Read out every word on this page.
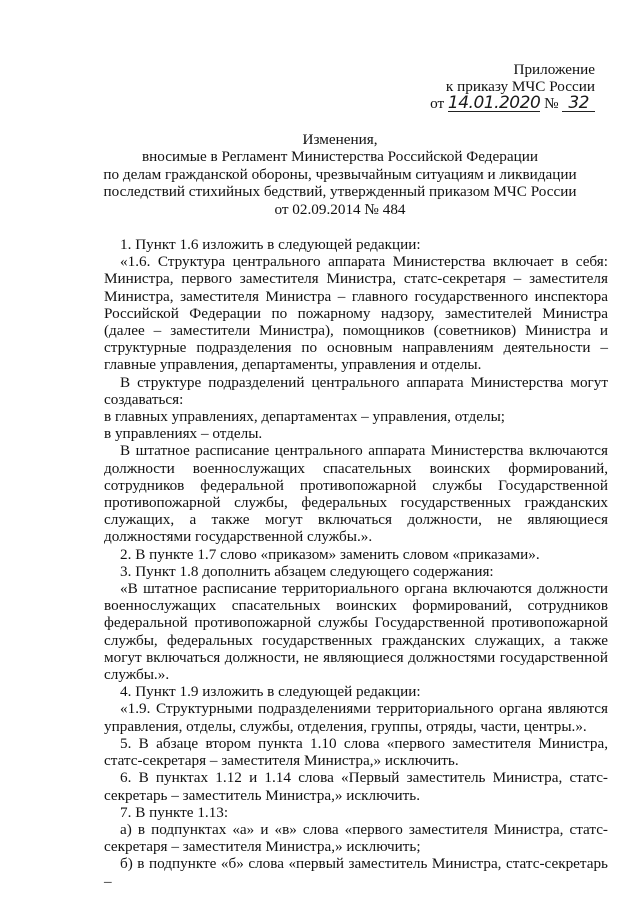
Приложение
к приказу МЧС России
от 14.01.2020 № 32
Изменения,
вносимые в Регламент Министерства Российской Федерации
по делам гражданской обороны, чрезвычайным ситуациям и ликвидации
последствий стихийных бедствий, утвержденный приказом МЧС России
от 02.09.2014 № 484

1. Пункт 1.6 изложить в следующей редакции:

«1.6. Структура центрального аппарата Министерства включает в себя: Министра, первого заместителя Министра, статс-секретаря – заместителя Министра, заместителя Министра – главного государственного инспектора Российской Федерации по пожарному надзору, заместителей Министра (далее – заместители Министра), помощников (советников) Министра и структурные подразделения по основным направлениям деятельности – главные управления, департаменты, управления и отделы.

В структуре подразделений центрального аппарата Министерства могут создаваться:

в главных управлениях, департаментах – управления, отделы;

в управлениях – отделы.

В штатное расписание центрального аппарата Министерства включаются должности военнослужащих спасательных воинских формирований, сотрудников федеральной противопожарной службы Государственной противопожарной службы, федеральных государственных гражданских служащих, а также могут включаться должности, не являющиеся должностями государственной службы.».

2. В пункте 1.7 слово «приказом» заменить словом «приказами».

3. Пункт 1.8 дополнить абзацем следующего содержания:

«В штатное расписание территориального органа включаются должности военнослужащих спасательных воинских формирований, сотрудников федеральной противопожарной службы Государственной противопожарной службы, федеральных государственных гражданских служащих, а также могут включаться должности, не являющиеся должностями государственной службы.».

4. Пункт 1.9 изложить в следующей редакции:

«1.9. Структурными подразделениями территориального органа являются управления, отделы, службы, отделения, группы, отряды, части, центры.».

5. В абзаце втором пункта 1.10 слова «первого заместителя Министра, статс-секретаря – заместителя Министра,» исключить.

6. В пунктах 1.12 и 1.14 слова «Первый заместитель Министра, статс-секретарь – заместитель Министра,» исключить.

7. В пункте 1.13:

а) в подпунктах «а» и «в» слова «первого заместителя Министра, статс-секретаря – заместителя Министра,» исключить;

б) в подпункте «б» слова «первый заместитель Министра, статс-секретарь –
